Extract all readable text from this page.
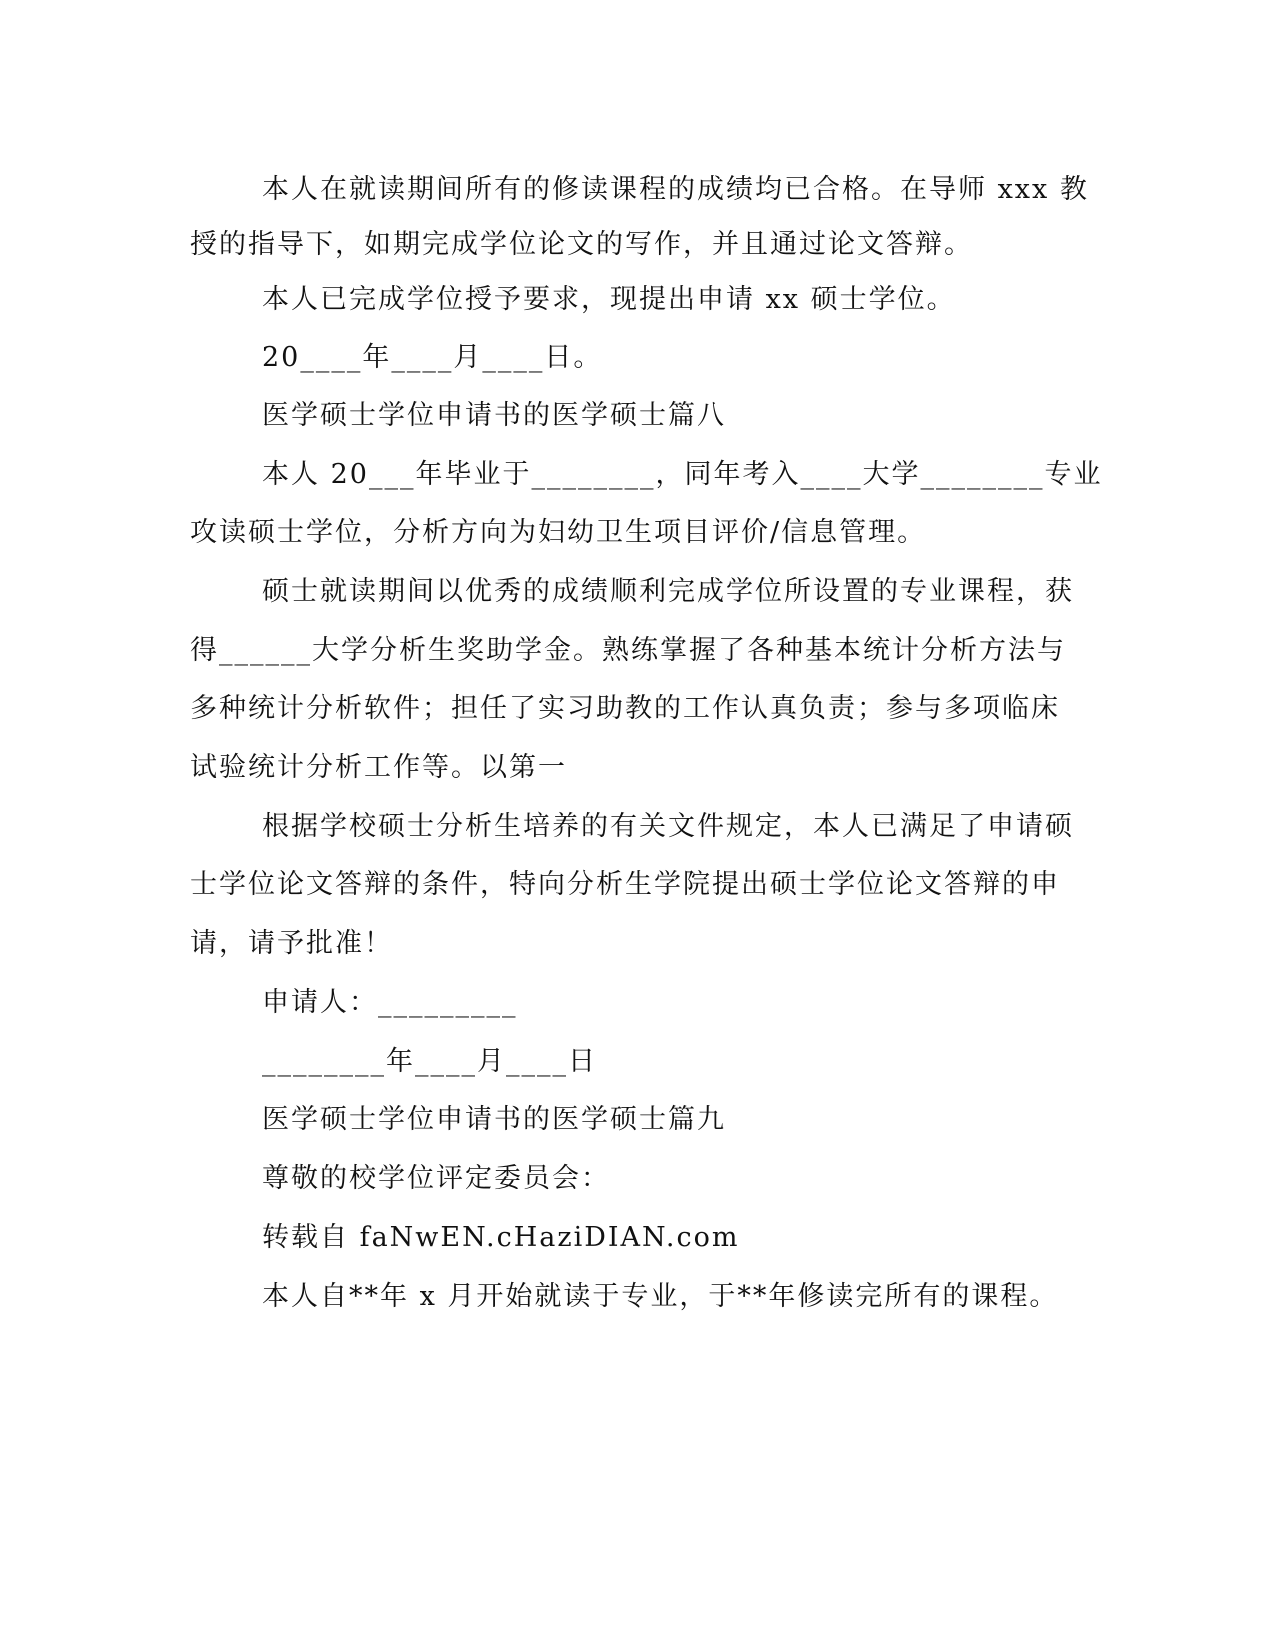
本人在就读期间所有的修读课程的成绩均已合格。在导师 xxx 教
授的指导下，如期完成学位论文的写作，并且通过论文答辩。
本人已完成学位授予要求，现提出申请 xx 硕士学位。
20____年____月____日。
医学硕士学位申请书的医学硕士篇八
本人 20___年毕业于________，同年考入____大学________专业
攻读硕士学位，分析方向为妇幼卫生项目评价/信息管理。
硕士就读期间以优秀的成绩顺利完成学位所设置的专业课程，获
得______大学分析生奖助学金。熟练掌握了各种基本统计分析方法与
多种统计分析软件；担任了实习助教的工作认真负责；参与多项临床
试验统计分析工作等。以第一
根据学校硕士分析生培养的有关文件规定，本人已满足了申请硕
士学位论文答辩的条件，特向分析生学院提出硕士学位论文答辩的申
请，请予批准！
申请人：_________
________年____月____日
医学硕士学位申请书的医学硕士篇九
尊敬的校学位评定委员会：
转载自 faNwEN.cHaziDIAN.com
本人自**年 x 月开始就读于专业，于**年修读完所有的课程。
